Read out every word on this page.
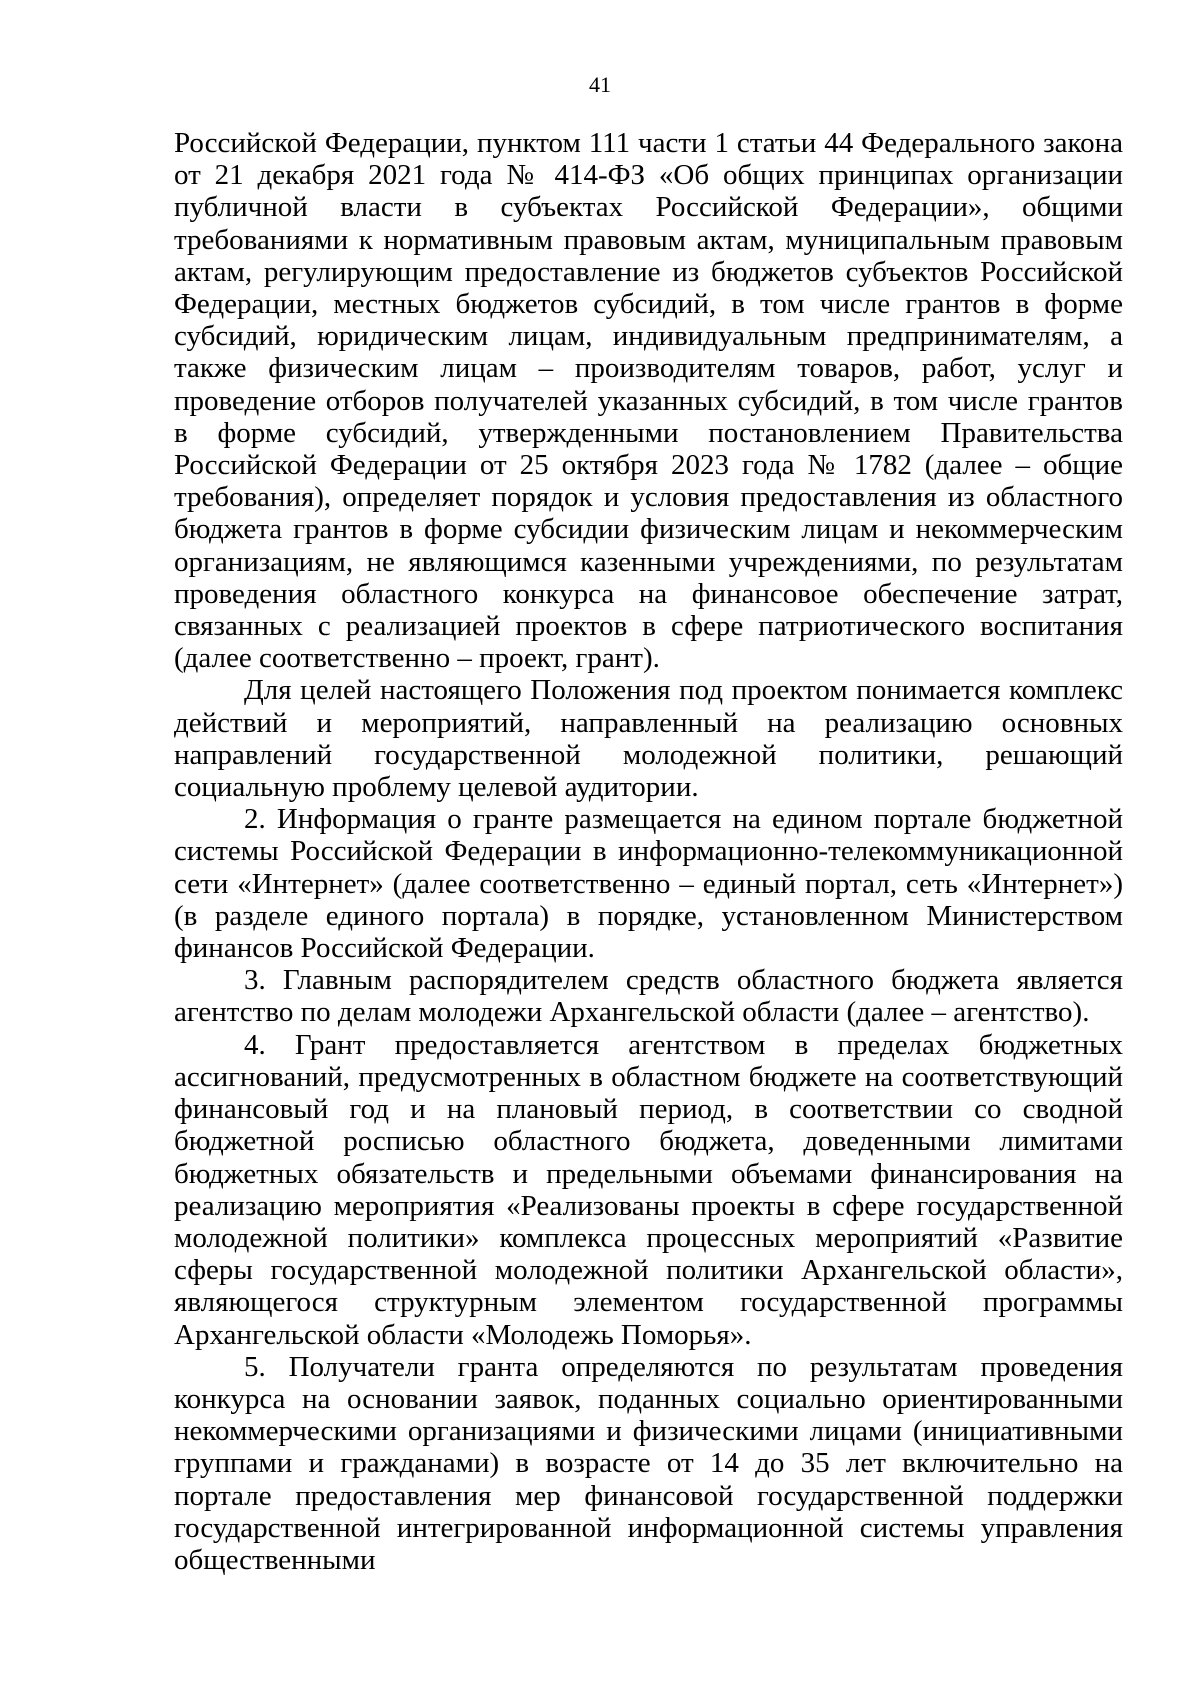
41

Российской Федерации, пунктом 111 части 1 статьи 44 Федерального закона от 21 декабря 2021 года № 414-ФЗ «Об общих принципах организации публичной власти в субъектах Российской Федерации», общими требованиями к нормативным правовым актам, муниципальным правовым актам, регулирующим предоставление из бюджетов субъектов Российской Федерации, местных бюджетов субсидий, в том числе грантов в форме субсидий, юридическим лицам, индивидуальным предпринимателям, а также физическим лицам – производителям товаров, работ, услуг и проведение отборов получателей указанных субсидий, в том числе грантов в форме субсидий, утвержденными постановлением Правительства Российской Федерации от 25 октября 2023 года № 1782 (далее – общие требования), определяет порядок и условия предоставления из областного бюджета грантов в форме субсидии физическим лицам и некоммерческим организациям, не являющимся казенными учреждениями, по результатам проведения областного конкурса на финансовое обеспечение затрат, связанных с реализацией проектов в сфере патриотического воспитания (далее соответственно – проект, грант).

Для целей настоящего Положения под проектом понимается комплекс действий и мероприятий, направленный на реализацию основных направлений государственной молодежной политики, решающий социальную проблему целевой аудитории.

2. Информация о гранте размещается на едином портале бюджетной системы Российской Федерации в информационно-телекоммуникационной сети «Интернет» (далее соответственно – единый портал, сеть «Интернет») (в разделе единого портала) в порядке, установленном Министерством финансов Российской Федерации.

3. Главным распорядителем средств областного бюджета является агентство по делам молодежи Архангельской области (далее – агентство).

4. Грант предоставляется агентством в пределах бюджетных ассигнований, предусмотренных в областном бюджете на соответствующий финансовый год и на плановый период, в соответствии со сводной бюджетной росписью областного бюджета, доведенными лимитами бюджетных обязательств и предельными объемами финансирования на реализацию мероприятия «Реализованы проекты в сфере государственной молодежной политики» комплекса процессных мероприятий «Развитие сферы государственной молодежной политики Архангельской области», являющегося структурным элементом государственной программы Архангельской области «Молодежь Поморья».

5. Получатели гранта определяются по результатам проведения конкурса на основании заявок, поданных социально ориентированными некоммерческими организациями и физическими лицами (инициативными группами и гражданами) в возрасте от 14 до 35 лет включительно на портале предоставления мер финансовой государственной поддержки государственной интегрированной информационной системы управления общественными
